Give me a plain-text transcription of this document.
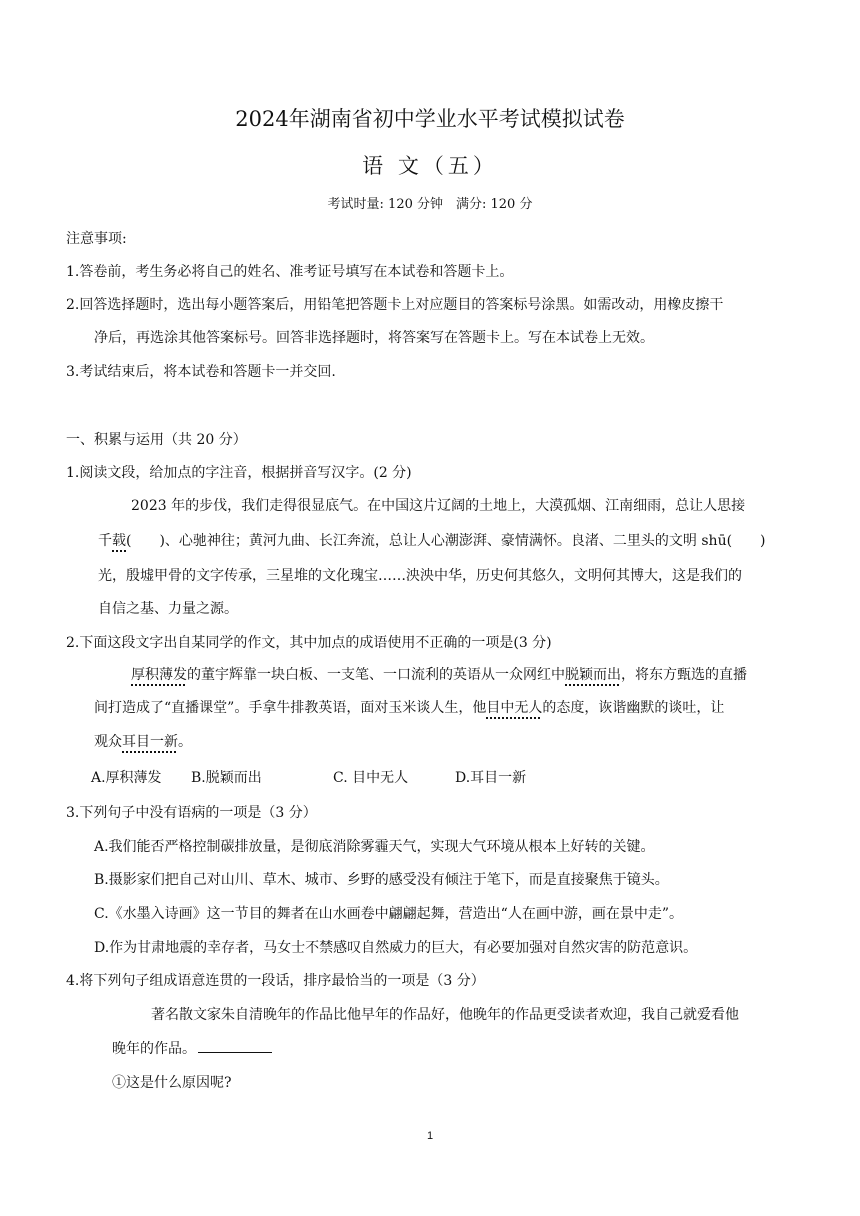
2024年湖南省初中学业水平考试模拟试卷
语 文（五）
考试时量: 120 分钟　满分: 120 分
注意事项:
1.答卷前，考生务必将自己的姓名、准考证号填写在本试卷和答题卡上。
2.回答选择题时，选出每小题答案后，用铅笔把答题卡上对应题目的答案标号涂黑。如需改动，用橡皮擦干
净后，再选涂其他答案标号。回答非选择题时，将答案写在答题卡上。写在本试卷上无效。
3.考试结束后，将本试卷和答题卡一并交回.
一、积累与运用（共 20 分）
1.阅读文段，给加点的字注音，根据拼音写汉字。(2 分)
2023 年的步伐，我们走得很显底气。在中国这片辽阔的土地上，大漠孤烟、江南细雨，总让人思接
千载(　　)、心驰神往；黄河九曲、长江奔流，总让人心潮澎湃、豪情满怀。良渚、二里头的文明 shū(　　)
光，殷墟甲骨的文字传承，三星堆的文化瑰宝……泱泱中华，历史何其悠久，文明何其博大，这是我们的
自信之基、力量之源。
2.下面这段文字出自某同学的作文，其中加点的成语使用不正确的一项是(3 分)
厚积薄发的董宇辉靠一块白板、一支笔、一口流利的英语从一众网红中脱颖而出，将东方甄选的直播
间打造成了“直播课堂”。手拿牛排教英语，面对玉米谈人生，他目中无人的态度，诙谐幽默的谈吐，让
观众耳目一新。
A.厚积薄发 B.脱颖而出	C. 目中无人	D.耳目一新
3.下列句子中没有语病的一项是（3 分）
A.我们能否严格控制碳排放量，是彻底消除雾霾天气，实现大气环境从根本上好转的关键。
B.摄影家们把自己对山川、草木、城市、乡野的感受没有倾注于笔下，而是直接聚焦于镜头。
C.《水墨入诗画》这一节目的舞者在山水画卷中翩翩起舞，营造出“人在画中游，画在景中走”。
D.作为甘肃地震的幸存者，马女士不禁感叹自然威力的巨大，有必要加强对自然灾害的防范意识。
4.将下列句子组成语意连贯的一段话，排序最恰当的一项是（3 分）
著名散文家朱自清晚年的作品比他早年的作品好，他晚年的作品更受读者欢迎，我自己就爱看他
晚年的作品。
①这是什么原因呢?
1
